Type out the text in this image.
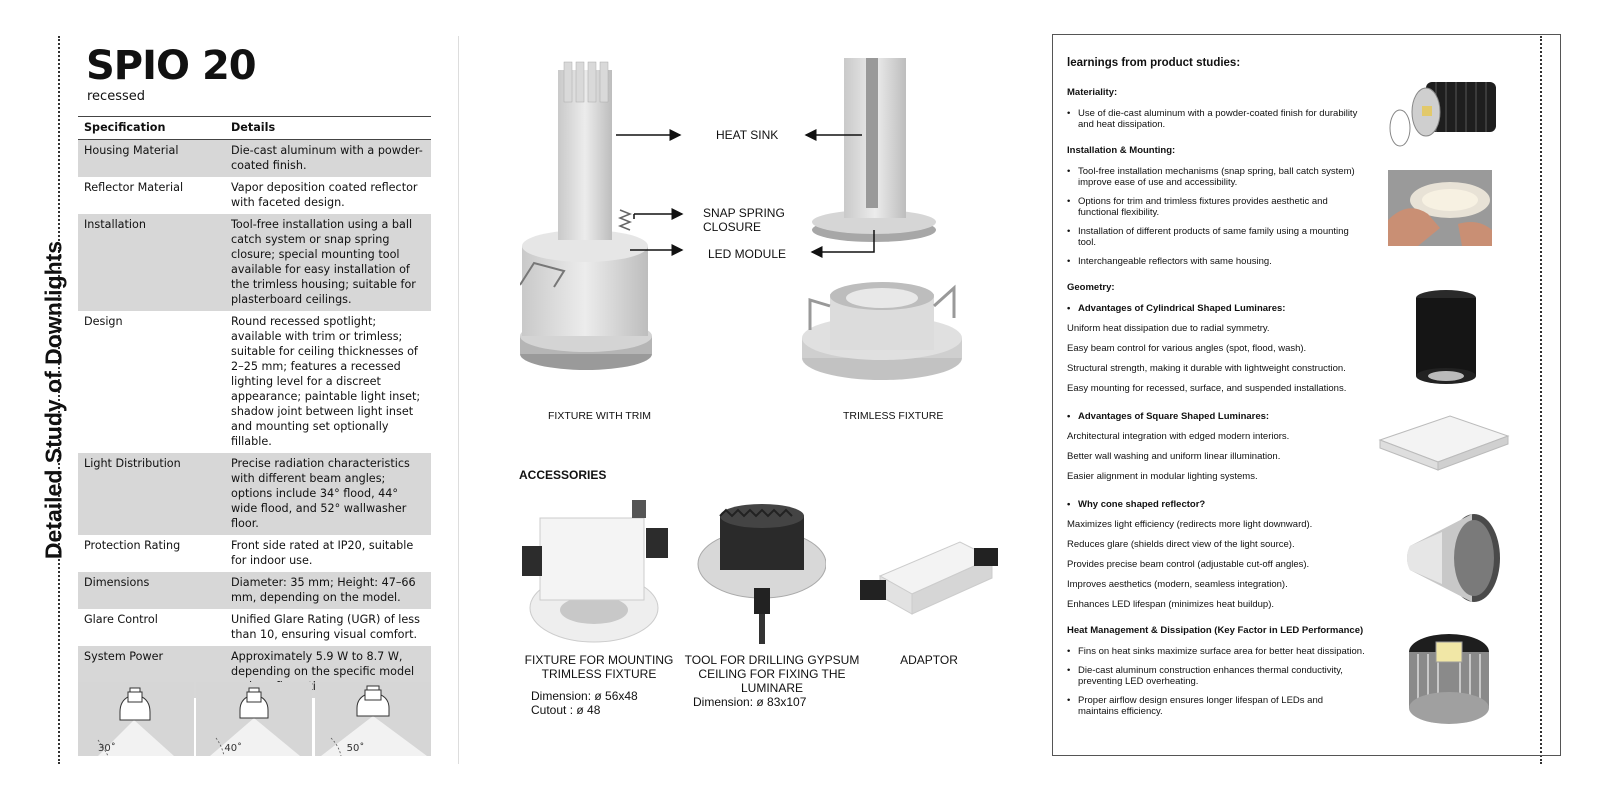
Detailed Study of Downlights
SPIO 20
recessed
Specification	Details
Housing Material	Die-cast aluminum with a powder-coated finish.
Reflector Material	Vapor deposition coated reflector with faceted design.
Installation	Tool-free installation using a ball catch system or snap spring closure; special mounting tool available for easy installation of the trimless housing; suitable for plasterboard ceilings.
Design	Round recessed spotlight; available with trim or trimless; suitable for ceiling thicknesses of 2–25 mm; features a recessed lighting level for a discreet appearance; paintable light inset; shadow joint between light inset and mounting set optionally fillable.
Light Distribution	Precise radiation characteristics with different beam angles; options include 34° flood, 44° wide flood, and 52° wallwasher floor.
Protection Rating	Front side rated at IP20, suitable for indoor use.
Dimensions	Diameter: 35 mm; Height: 47–66 mm, depending on the model.
Glare Control	Unified Glare Rating (UGR) of less than 10, ensuring visual comfort.
System Power	Approximately 5.9 W to 8.7 W, depending on the specific model
30˚	40˚	50˚
HEAT SINK
SNAP SPRING
CLOSURE
LED MODULE
FIXTURE WITH TRIM	TRIMLESS FIXTURE
ACCESSORIES
FIXTURE FOR MOUNTING
TRIMLESS FIXTURE
Dimension: ø 56x48
Cutout : ø 48
TOOL FOR DRILLING GYPSUM
CEILING FOR FIXING THE
LUMINARE
Dimension: ø 83x107
ADAPTOR
learnings from product studies:
Materiality:
• Use of die-cast aluminum with a powder-coated finish for durability and heat dissipation.
Installation & Mounting:
• Tool-free installation mechanisms (snap spring, ball catch system) improve ease of use and accessibility.
• Options for trim and trimless fixtures provides aesthetic and functional flexibility.
• Installation of different products of same family using a mounting tool.
• Interchangeable reflectors with same housing.
Geometry:
• Advantages of Cylindrical Shaped Luminares:

Uniform heat dissipation due to radial symmetry.

Easy beam control for various angles (spot, flood, wash).

Structural strength, making it durable with lightweight construction.

Easy mounting for recessed, surface, and suspended installations.

• Advantages of Square Shaped Luminares:

Architectural integration with edged modern interiors.

Better wall washing and uniform linear illumination.

Easier alignment in modular lighting systems.

• Why cone shaped reflector?

Maximizes light efficiency (redirects more light downward).

Reduces glare (shields direct view of the light source).

Provides precise beam control (adjustable cut-off angles).

Improves aesthetics (modern, seamless integration).

Enhances LED lifespan (minimizes heat buildup).

Heat Management & Dissipation (Key Factor in LED Performance)
• Fins on heat sinks maximize surface area for better heat dissipation.
• Die-cast aluminum construction enhances thermal conductivity, preventing LED overheating.
• Proper airflow design ensures longer lifespan of LEDs and maintains efficiency.
